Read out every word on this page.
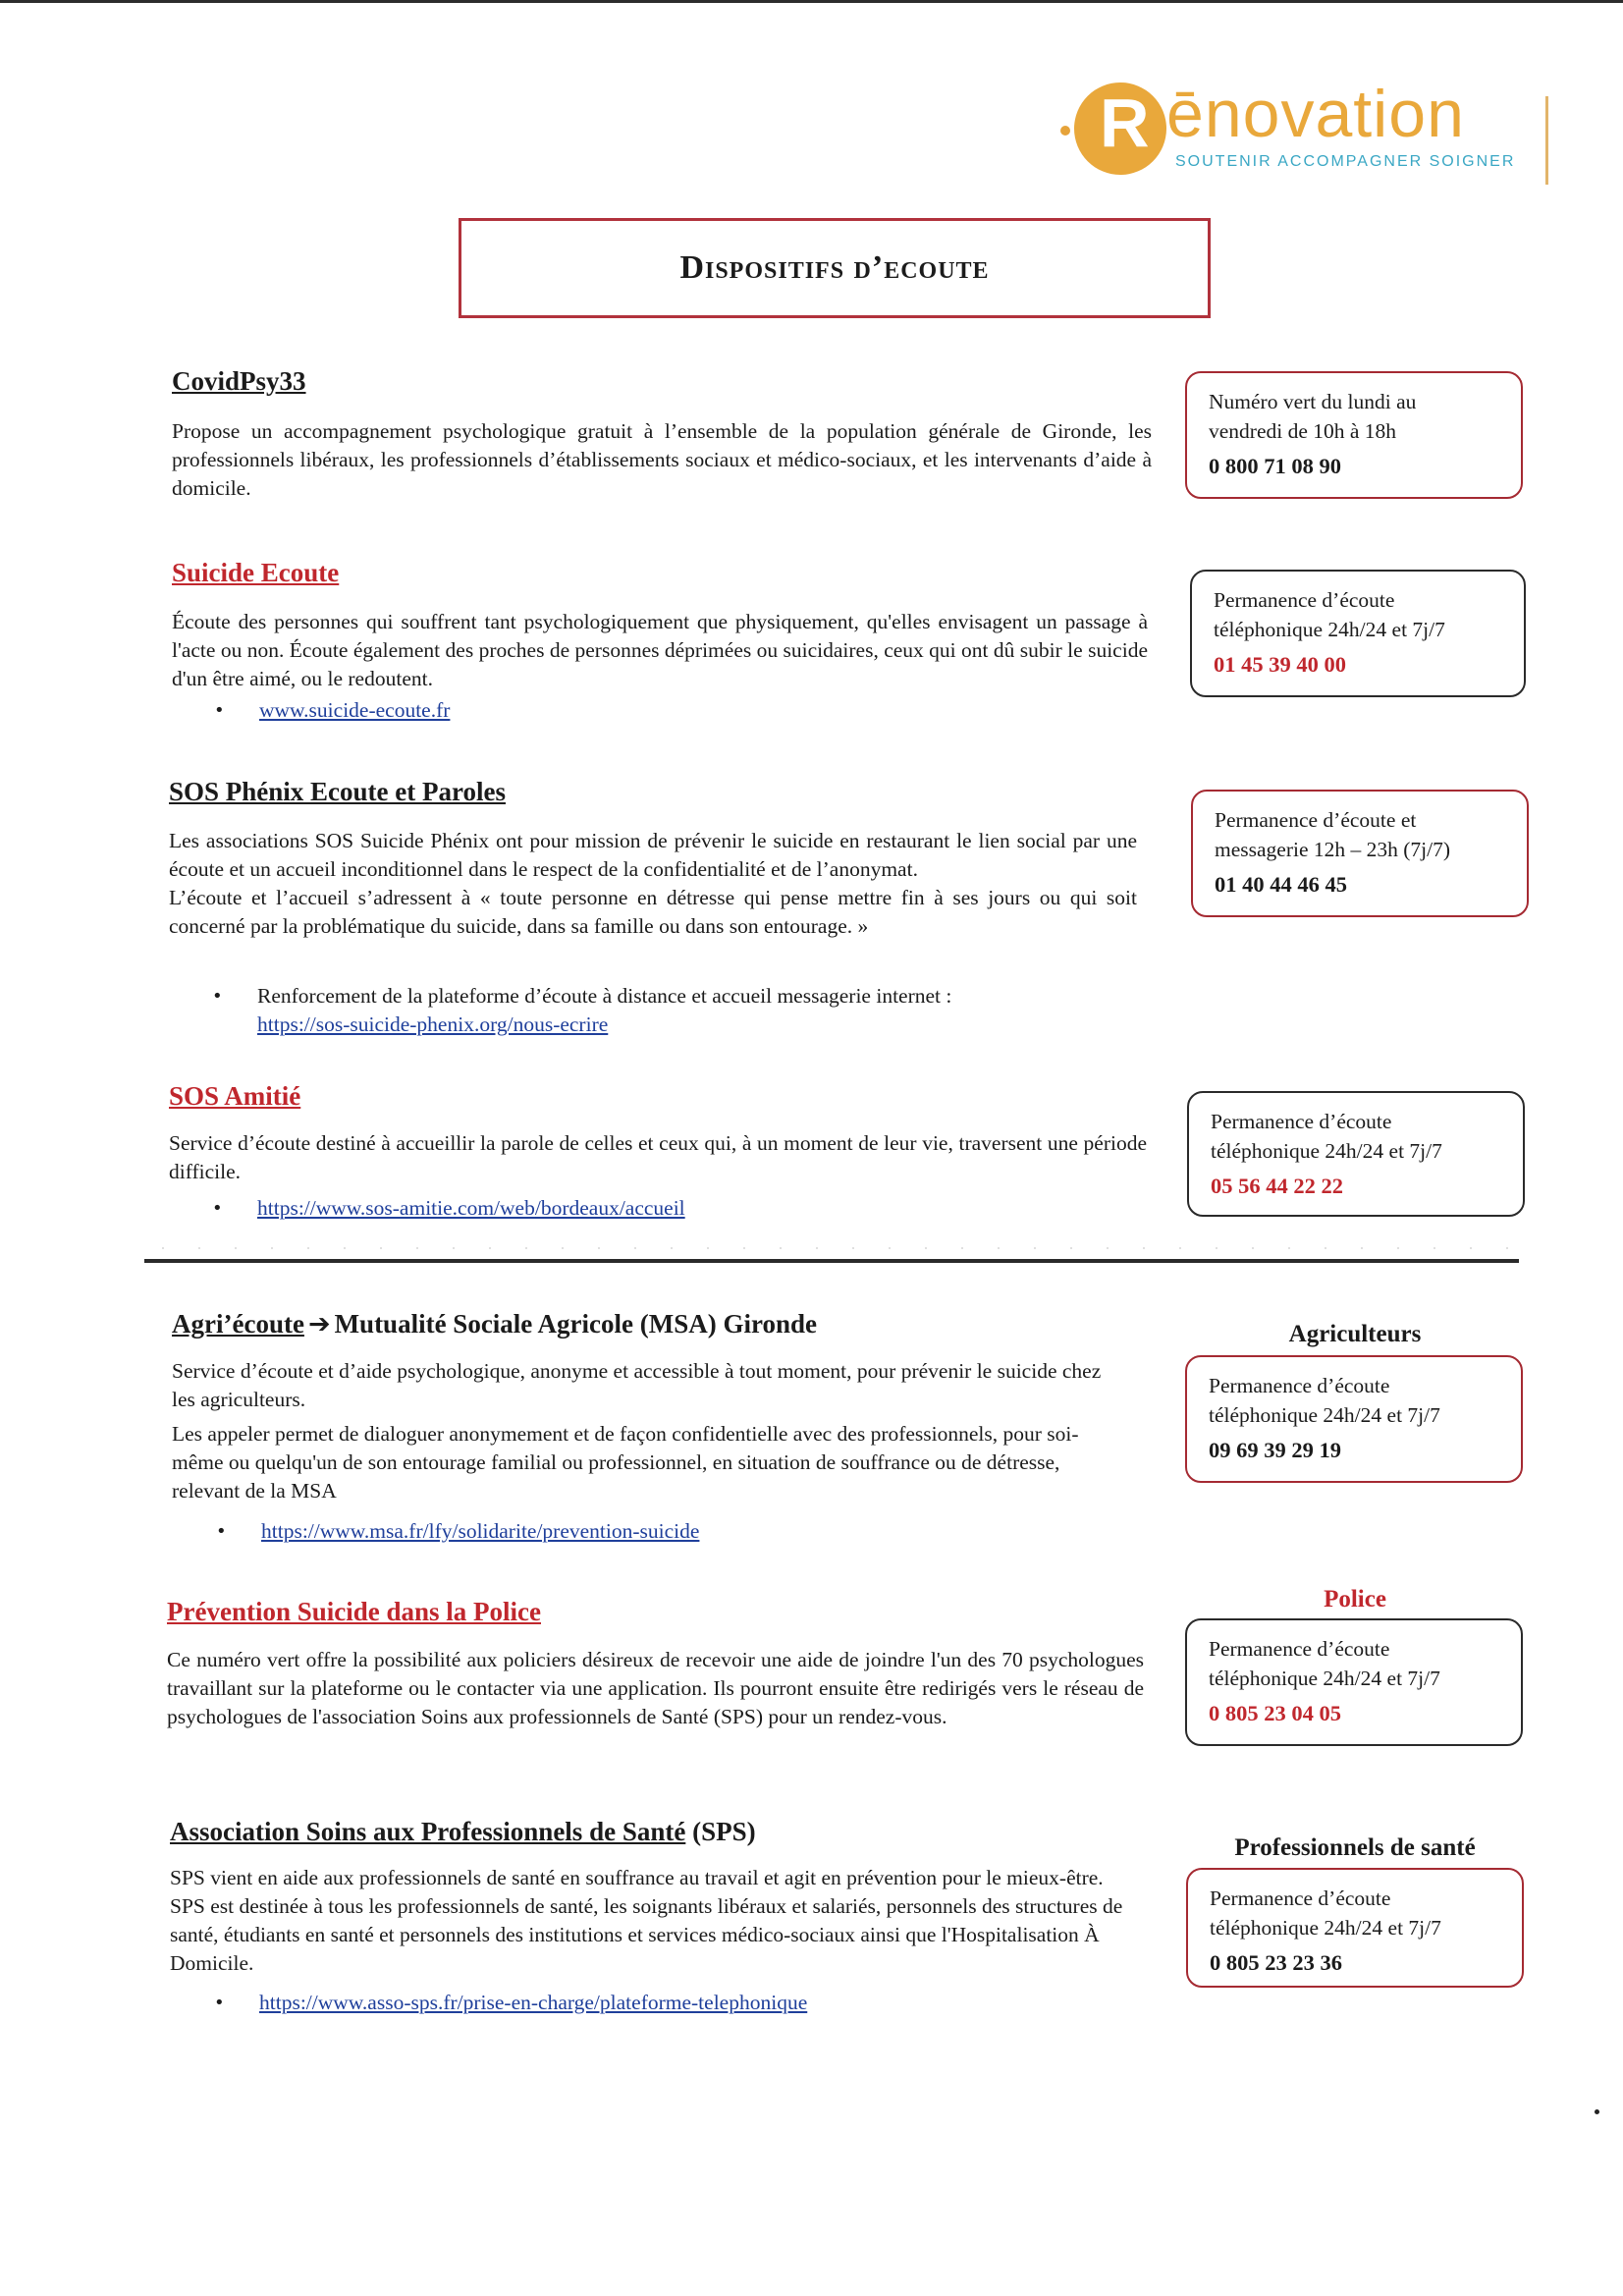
R ēnovation
SOUTENIR ACCOMPAGNER SOIGNER
Dispositifs d’ecoute
CovidPsy33

Propose un accompagnement psychologique gratuit à l’ensemble de la population générale de Gironde, les professionnels libéraux, les professionnels d’établissements sociaux et médico-sociaux, et les intervenants d’aide à domicile.

Numéro vert du lundi au
vendredi de 10h à 18h
0 800 71 08 90
Suicide Ecoute

Écoute des personnes qui souffrent tant psychologiquement que physiquement, qu'elles envisagent un passage à l'acte ou non. Écoute également des proches de personnes déprimées ou suicidaires, ceux qui ont dû subir le suicide d'un être aimé, ou le redoutent.

• www.suicide-ecoute.fr
Permanence d’écoute
téléphonique 24h/24 et 7j/7
01 45 39 40 00
SOS Phénix Ecoute et Paroles

Les associations SOS Suicide Phénix ont pour mission de prévenir le suicide en restaurant le lien social par une écoute et un accueil inconditionnel dans le respect de la confidentialité et de l’anonymat.

L’écoute et l’accueil s’adressent à « toute personne en détresse qui pense mettre fin à ses jours ou qui soit concerné par la problématique du suicide, dans sa famille ou dans son entourage. »

• Renforcement de la plateforme d’écoute à distance et accueil messagerie internet :
https://sos-suicide-phenix.org/nous-ecrire
Permanence d’écoute et
messagerie 12h – 23h (7j/7)
01 40 44 46 45
SOS Amitié

Service d’écoute destiné à accueillir la parole de celles et ceux qui, à un moment de leur vie, traversent une période difficile.

• https://www.sos-amitie.com/web/bordeaux/accueil
Permanence d’écoute
téléphonique 24h/24 et 7j/7
05 56 44 22 22
Agri’écoute ➔ Mutualité Sociale Agricole (MSA) Gironde

Service d’écoute et d’aide psychologique, anonyme et accessible à tout moment, pour prévenir le suicide chez les agriculteurs.

Les appeler permet de dialoguer anonymement et de façon confidentielle avec des professionnels, pour soi-même ou quelqu'un de son entourage familial ou professionnel, en situation de souffrance ou de détresse, relevant de la MSA

• https://www.msa.fr/lfy/solidarite/prevention-suicide
Agriculteurs
Permanence d’écoute
téléphonique 24h/24 et 7j/7
09 69 39 29 19
Prévention Suicide dans la Police

Ce numéro vert offre la possibilité aux policiers désireux de recevoir une aide de joindre l'un des 70 psychologues travaillant sur la plateforme ou le contacter via une application. Ils pourront ensuite être redirigés vers le réseau de psychologues de l'association Soins aux professionnels de Santé (SPS) pour un rendez-vous.

Police
Permanence d’écoute
téléphonique 24h/24 et 7j/7
0 805 23 04 05
Association Soins aux Professionnels de Santé (SPS)

SPS vient en aide aux professionnels de santé en souffrance au travail et agit en prévention pour le mieux-être. SPS est destinée à tous les professionnels de santé, les soignants libéraux et salariés, personnels des structures de santé, étudiants en santé et personnels des institutions et services médico-sociaux ainsi que l'Hospitalisation À Domicile.

• https://www.asso-sps.fr/prise-en-charge/plateforme-telephonique
Professionnels de santé
Permanence d’écoute
téléphonique 24h/24 et 7j/7
0 805 23 23 36
